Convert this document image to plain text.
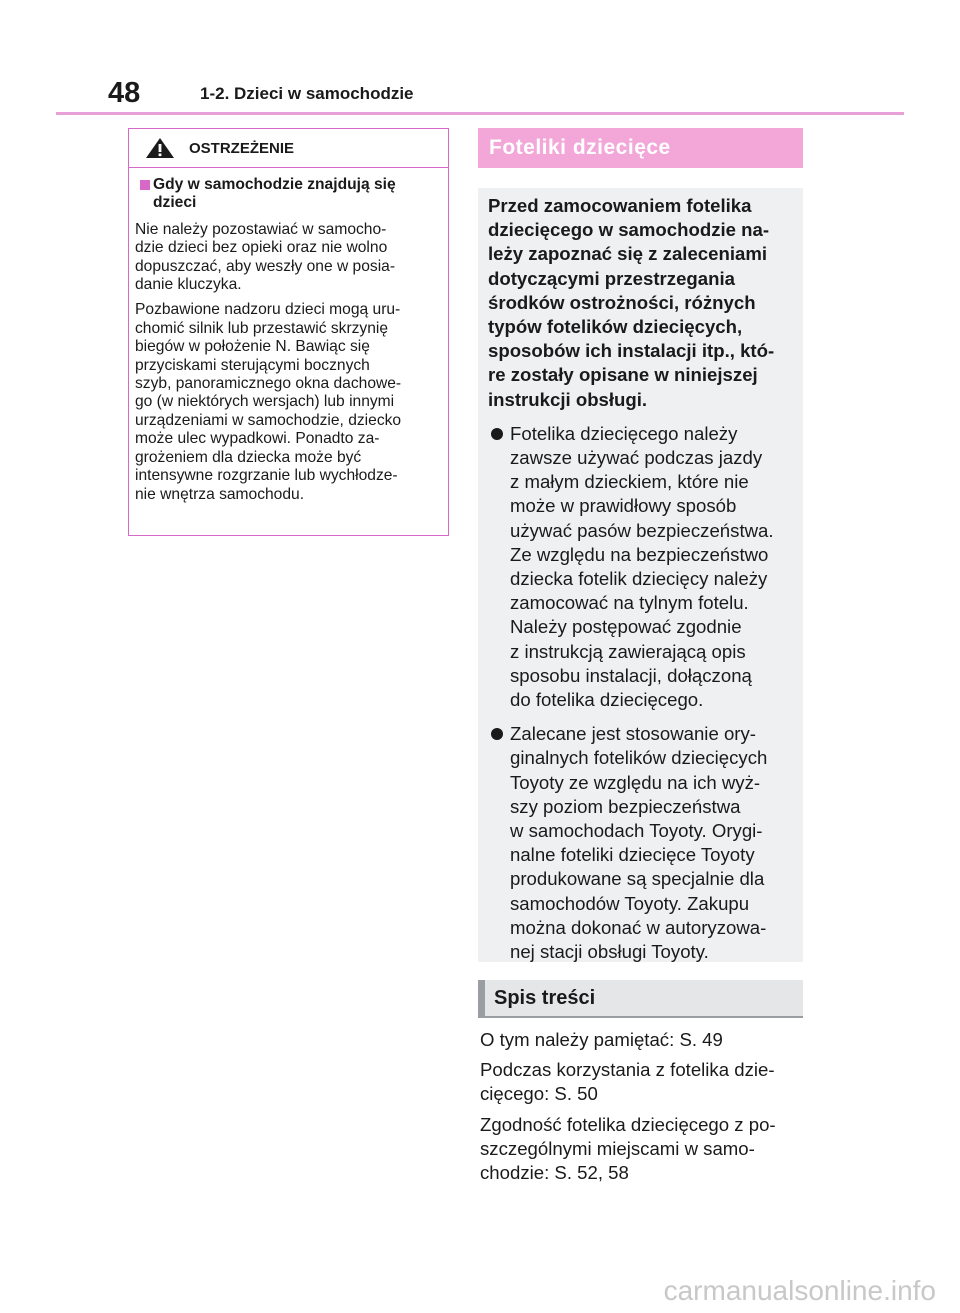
48	1-2. Dzieci w samochodzie
OSTRZEŻENIE
Gdy w samochodzie znajdują się
dzieci

Nie należy pozostawiać w samocho-
dzie dzieci bez opieki oraz nie wolno
dopuszczać, aby weszły one w posia-
danie kluczyka.

Pozbawione nadzoru dzieci mogą uru-
chomić silnik lub przestawić skrzynię
biegów w położenie N. Bawiąc się
przyciskami sterującymi bocznych
szyb, panoramicznego okna dachowe-
go (w niektórych wersjach) lub innymi
urządzeniami w samochodzie, dziecko
może ulec wypadkowi. Ponadto za-
grożeniem dla dziecka może być
intensywne rozgrzanie lub wychłodze-
nie wnętrza samochodu.

Foteliki dziecięce

Przed zamocowaniem fotelika
dziecięcego w samochodzie na-
leży zapoznać się z zaleceniami
dotyczącymi przestrzegania
środków ostrożności, różnych
typów fotelików dziecięcych,
sposobów ich instalacji itp., któ-
re zostały opisane w niniejszej
instrukcji obsługi.

Fotelika dziecięcego należy
zawsze używać podczas jazdy
z małym dzieckiem, które nie
może w prawidłowy sposób
używać pasów bezpieczeństwa.
Ze względu na bezpieczeństwo
dziecka fotelik dziecięcy należy
zamocować na tylnym fotelu.
Należy postępować zgodnie
z instrukcją zawierającą opis
sposobu instalacji, dołączoną
do fotelika dziecięcego.
Zalecane jest stosowanie ory-
ginalnych fotelików dziecięcych
Toyoty ze względu na ich wyż-
szy poziom bezpieczeństwa
w samochodach Toyoty. Orygi-
nalne foteliki dziecięce Toyoty
produkowane są specjalnie dla
samochodów Toyoty. Zakupu
można dokonać w autoryzowa-
nej stacji obsługi Toyoty.
Spis treści

O tym należy pamiętać: S. 49

Podczas korzystania z fotelika dzie-
cięcego: S. 50

Zgodność fotelika dziecięcego z po-
szczególnymi miejscami w samo-
chodzie: S. 52, 58

carmanualsonline.info
